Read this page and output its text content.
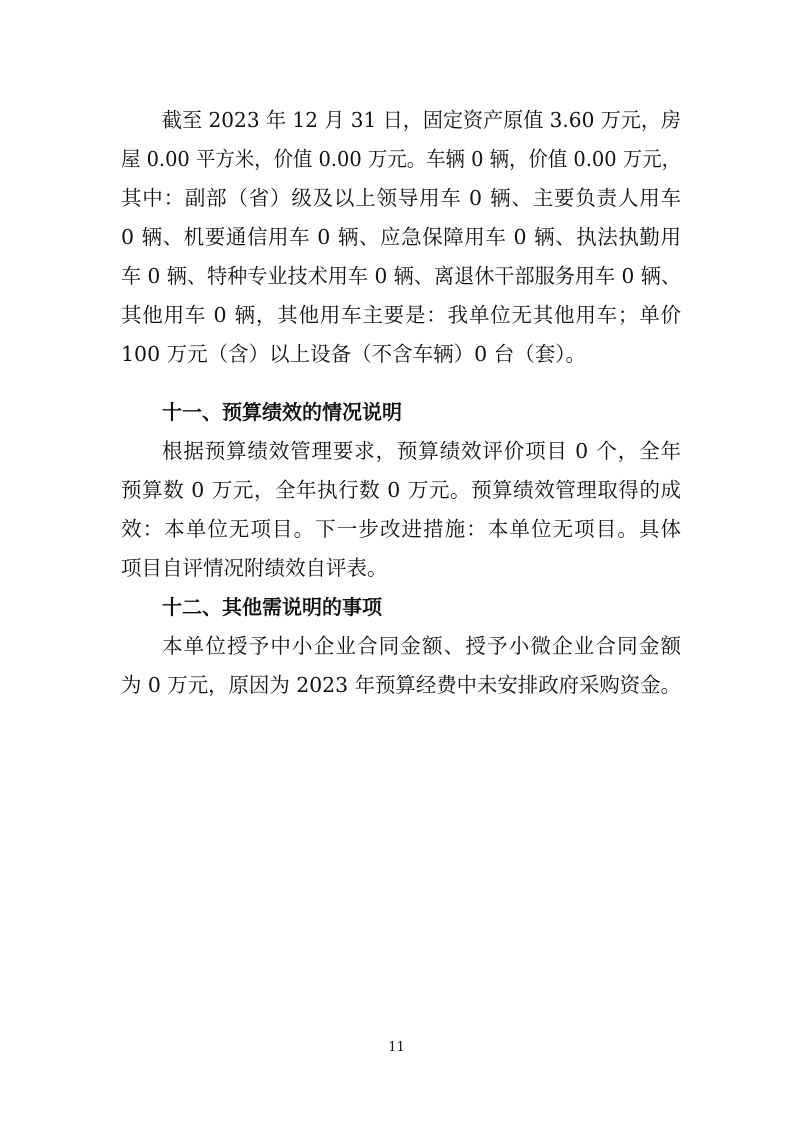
截至 2023 年 12 月 31 日，固定资产原值 3.60 万元，房
屋 0.00 平方米，价值 0.00 万元。车辆 0 辆，价值 0.00 万元，
其中：副部（省）级及以上领导用车 0 辆、主要负责人用车
0 辆、机要通信用车 0 辆、应急保障用车 0 辆、执法执勤用
车 0 辆、特种专业技术用车 0 辆、离退休干部服务用车 0 辆、
其他用车 0 辆，其他用车主要是：我单位无其他用车；单价
100 万元（含）以上设备（不含车辆）0 台（套）。
十一、预算绩效的情况说明
根据预算绩效管理要求，预算绩效评价项目 0 个，全年
预算数 0 万元，全年执行数 0 万元。预算绩效管理取得的成
效：本单位无项目。下一步改进措施：本单位无项目。具体
项目自评情况附绩效自评表。
十二、其他需说明的事项
本单位授予中小企业合同金额、授予小微企业合同金额
为 0 万元，原因为 2023 年预算经费中未安排政府采购资金。
11
